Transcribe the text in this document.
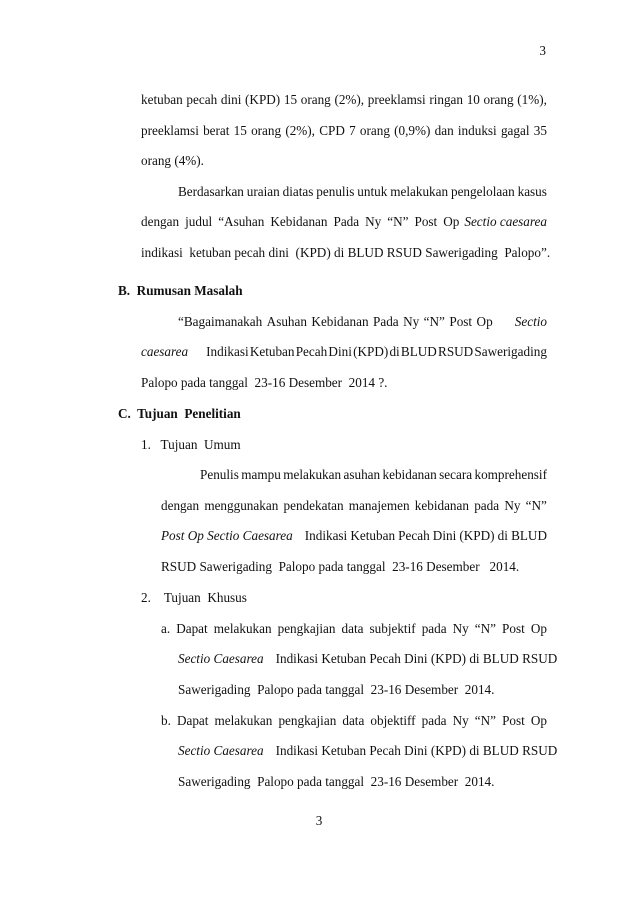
3
ketuban pecah dini (KPD) 15 orang (2%), preeklamsi ringan 10 orang (1%),
preeklamsi berat 15 orang (2%), CPD 7 orang (0,9%) dan induksi gagal 35
orang (4%).
Berdasarkan uraian diatas penulis untuk melakukan pengelolaan kasus
dengan judul “Asuhan Kebidanan Pada Ny “N” Post Op Sectio caesarea
indikasi  ketuban pecah dini  (KPD) di BLUD RSUD Sawerigading  Palopo”.
B.  Rumusan Masalah
“Bagaimanakah Asuhan Kebidanan Pada Ny “N” Post Op Sectio
caesarea Indikasi Ketuban Pecah Dini (KPD) di BLUD RSUD Sawerigading
Palopo pada tanggal  23-16 Desember  2014 ?.
C.  Tujuan  Penelitian
1.   Tujuan  Umum
Penulis mampu melakukan asuhan kebidanan secara komprehensif
dengan menggunakan pendekatan manajemen kebidanan pada Ny “N”
Post Op Sectio Caesarea Indikasi Ketuban Pecah Dini (KPD) di BLUD
RSUD Sawerigading  Palopo pada tanggal  23-16 Desember   2014.
2.    Tujuan  Khusus
a. Dapat melakukan pengkajian data subjektif pada Ny “N” Post Op
Sectio Caesarea Indikasi Ketuban Pecah Dini (KPD) di BLUD RSUD
Sawerigading  Palopo pada tanggal  23-16 Desember  2014.
b. Dapat melakukan pengkajian data objektiff pada Ny “N” Post Op
Sectio Caesarea Indikasi Ketuban Pecah Dini (KPD) di BLUD RSUD
Sawerigading  Palopo pada tanggal  23-16 Desember  2014.
3
